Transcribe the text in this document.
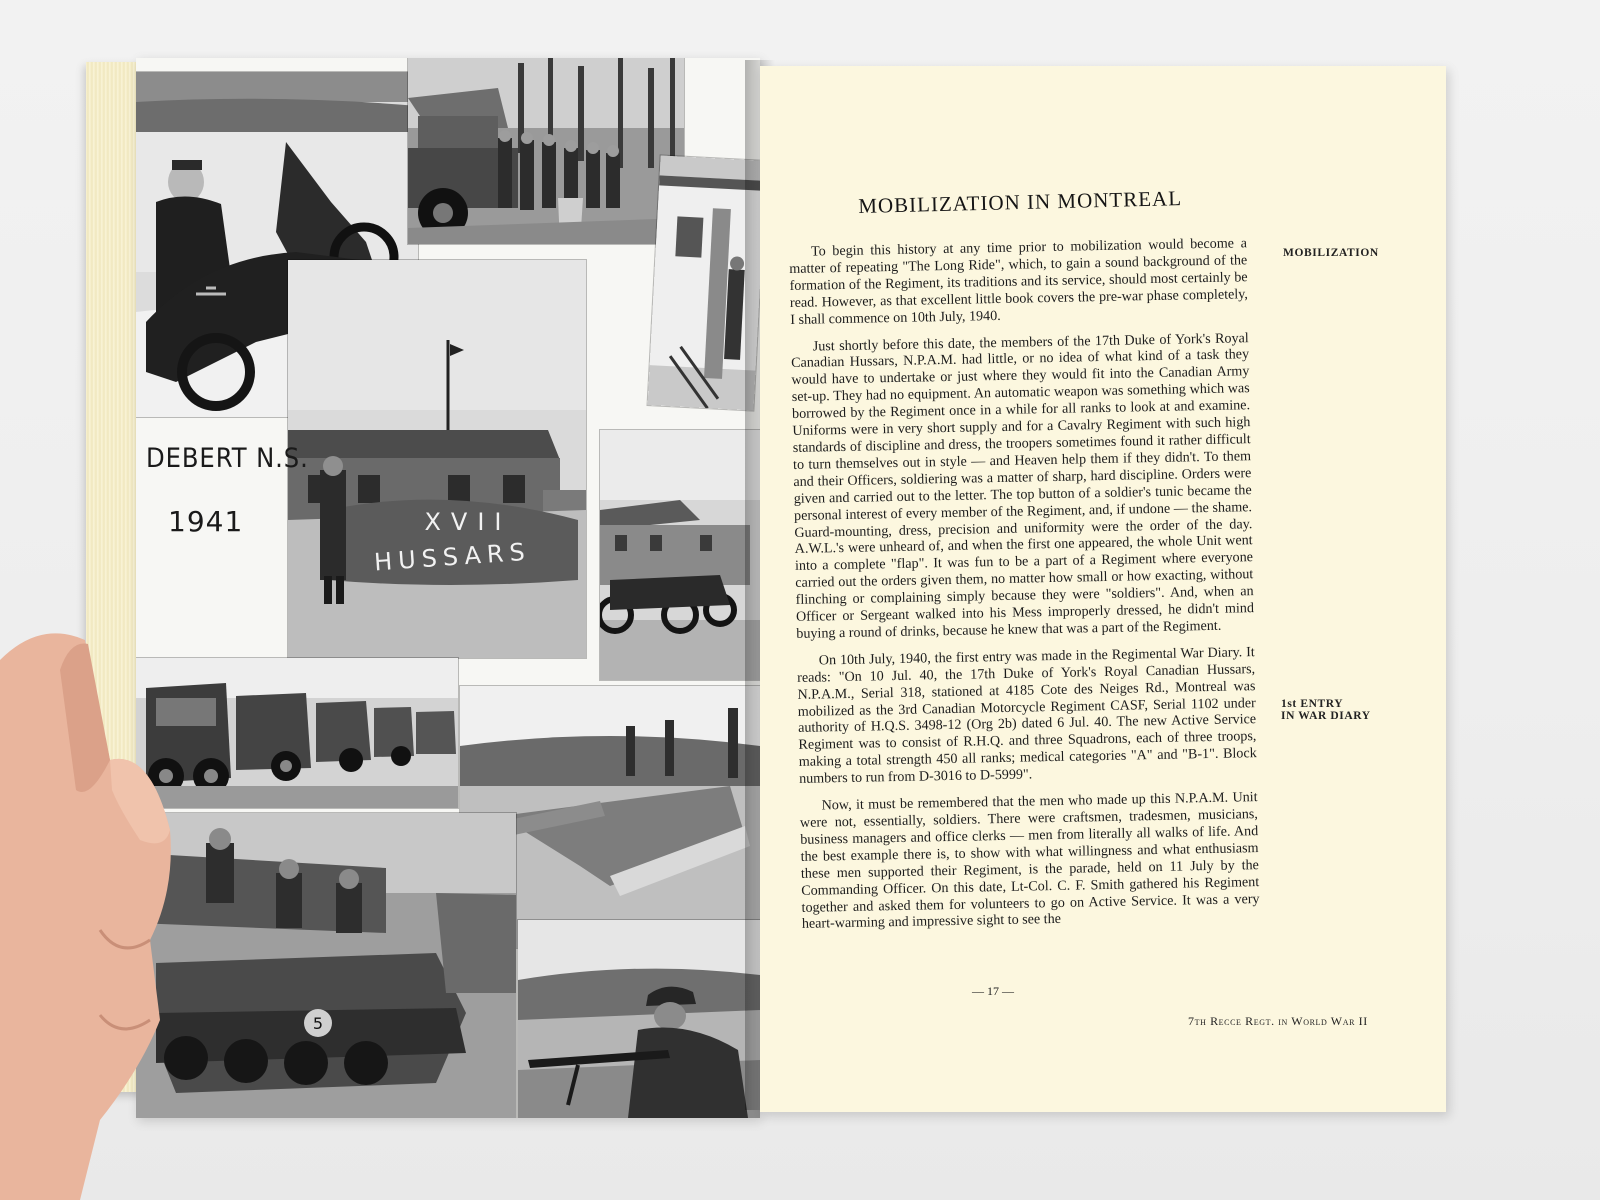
XVII
HUSSARS
5
DEBERT N.S.
1941
MOBILIZATION IN MONTREAL

To begin this history at any time prior to mobilization would become a matter of repeating "The Long Ride", which, to gain a sound background of the formation of the Regiment, its traditions and its service, should most certainly be read. However, as that excellent little book covers the pre-war phase completely, I shall commence on 10th July, 1940.

Just shortly before this date, the members of the 17th Duke of York's Royal Canadian Hussars, N.P.A.M. had little, or no idea of what kind of a task they would have to undertake or just where they would fit into the Canadian Army set-up. They had no equipment. An automatic weapon was something which was borrowed by the Regiment once in a while for all ranks to look at and examine. Uniforms were in very short supply and for a Cavalry Regiment with such high standards of discipline and dress, the troopers sometimes found it rather difficult to turn themselves out in style — and Heaven help them if they didn't. To them and their Officers, soldiering was a matter of sharp, hard discipline. Orders were given and carried out to the letter. The top button of a soldier's tunic became the personal interest of every member of the Regiment, and, if undone — the shame. Guard-mounting, dress, precision and uniformity were the order of the day. A.W.L.'s were unheard of, and when the first one appeared, the whole Unit went into a complete "flap". It was fun to be a part of a Regiment where everyone carried out the orders given them, no matter how small or how exacting, without flinching or complaining simply because they were "soldiers". And, when an Officer or Sergeant walked into his Mess improperly dressed, he didn't mind buying a round of drinks, because he knew that was a part of the Regiment.

On 10th July, 1940, the first entry was made in the Regimental War Diary. It reads: "On 10 Jul. 40, the 17th Duke of York's Royal Canadian Hussars, N.P.A.M., Serial 318, stationed at 4185 Cote des Neiges Rd., Montreal was mobilized as the 3rd Canadian Motorcycle Regiment CASF, Serial 1102 under authority of H.Q.S. 3498-12 (Org 2b) dated 6 Jul. 40. The new Active Service Regiment was to consist of R.H.Q. and three Squadrons, each of three troops, making a total strength 450 all ranks; medical categories "A" and "B-1". Block numbers to run from D-3016 to D-5999".

Now, it must be remembered that the men who made up this N.P.A.M. Unit were not, essentially, soldiers. There were craftsmen, tradesmen, musicians, business managers and office clerks — men from literally all walks of life. And the best example there is, to show with what willingness and what enthusiasm these men supported their Regiment, is the parade, held on 11 July by the Commanding Officer. On this date, Lt-Col. C. F. Smith gathered his Regiment together and asked them for volunteers to go on Active Service. It was a very heart-warming and impressive sight to see the

MOBILIZATION
1st ENTRY
IN WAR DIARY
— 17 —
7th Recce Regt. in World War II
